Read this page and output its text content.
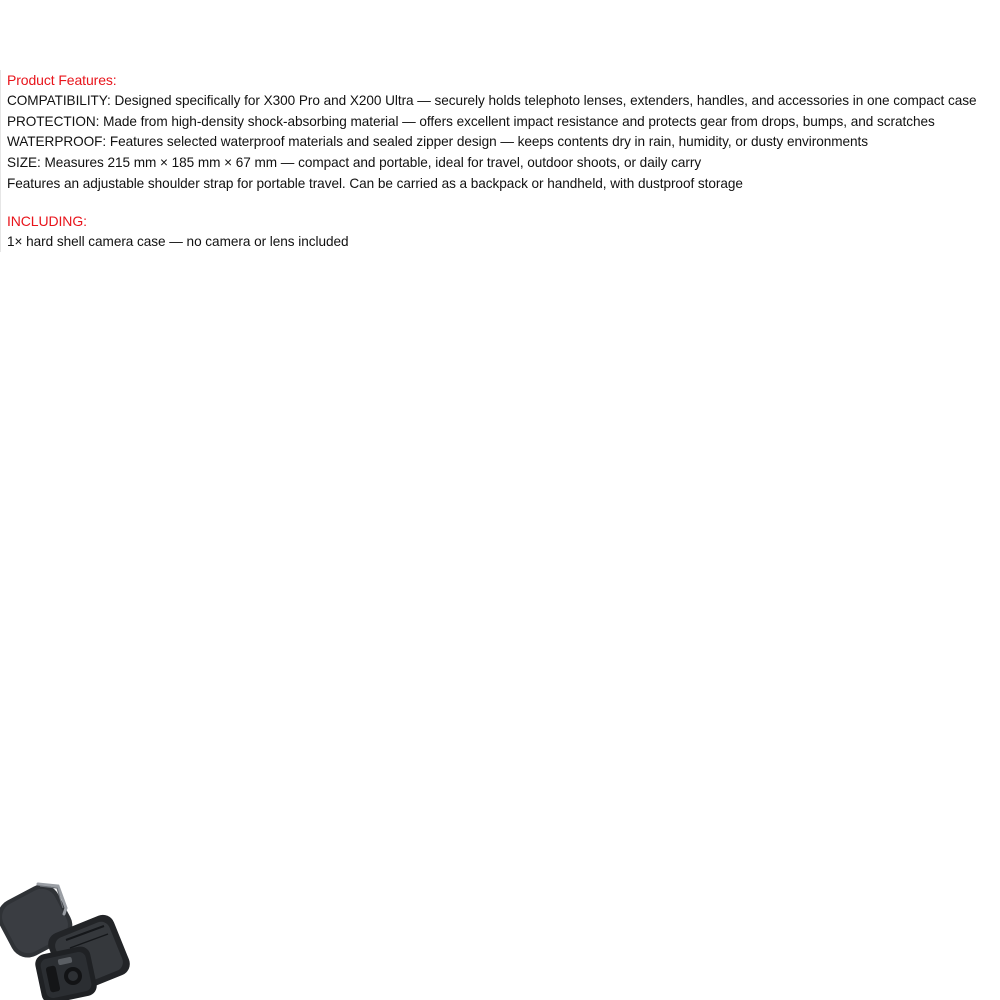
Product Features:

COMPATIBILITY: Designed specifically for X300 Pro and X200 Ultra — securely holds telephoto lenses, extenders, handles, and accessories in one compact case

PROTECTION: Made from high-density shock-absorbing material — offers excellent impact resistance and protects gear from drops, bumps, and scratches

WATERPROOF: Features selected waterproof materials and sealed zipper design — keeps contents dry in rain, humidity, or dusty environments

SIZE: Measures 215 mm × 185 mm × 67 mm — compact and portable, ideal for travel, outdoor shoots, or daily carry

Features an adjustable shoulder strap for portable travel. Can be carried as a backpack or handheld, with dustproof storage

INCLUDING:

1× hard shell camera case — no camera or lens included
